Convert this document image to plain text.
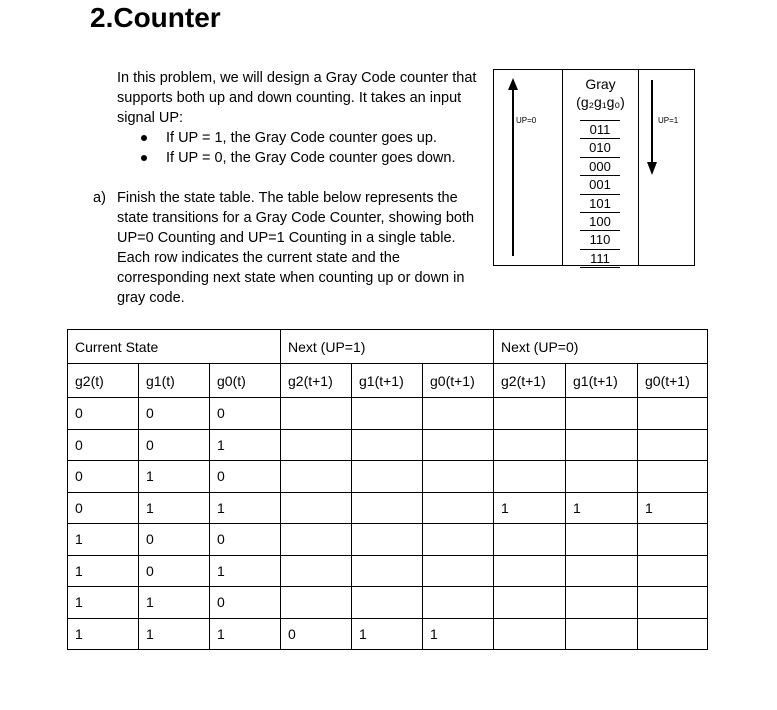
2.Counter
In this problem, we will design a Gray Code counter that supports both up and down counting. It takes an input signal UP:
If UP = 1, the Gray Code counter goes up.
If UP = 0, the Gray Code counter goes down.
a) Finish the state table. The table below represents the state transitions for a Gray Code Counter, showing both UP=0 Counting and UP=1 Counting in a single table. Each row indicates the current state and the corresponding next state when counting up or down in gray code.
UP=0	UP=1
Gray
(g₂g₁g₀)
011
010
000
001
101
100
110
111
Current State			Next (UP=1)			Next (UP=0)		
g2(t)	g1(t)	g0(t)	g2(t+1)	g1(t+1)	g0(t+1)	g2(t+1)	g1(t+1)	g0(t+1)
0	0	0						
0	0	1						
0	1	0						
0	1	1				1	1	1
1	0	0						
1	0	1						
1	1	0						
1	1	1	0	1	1			
